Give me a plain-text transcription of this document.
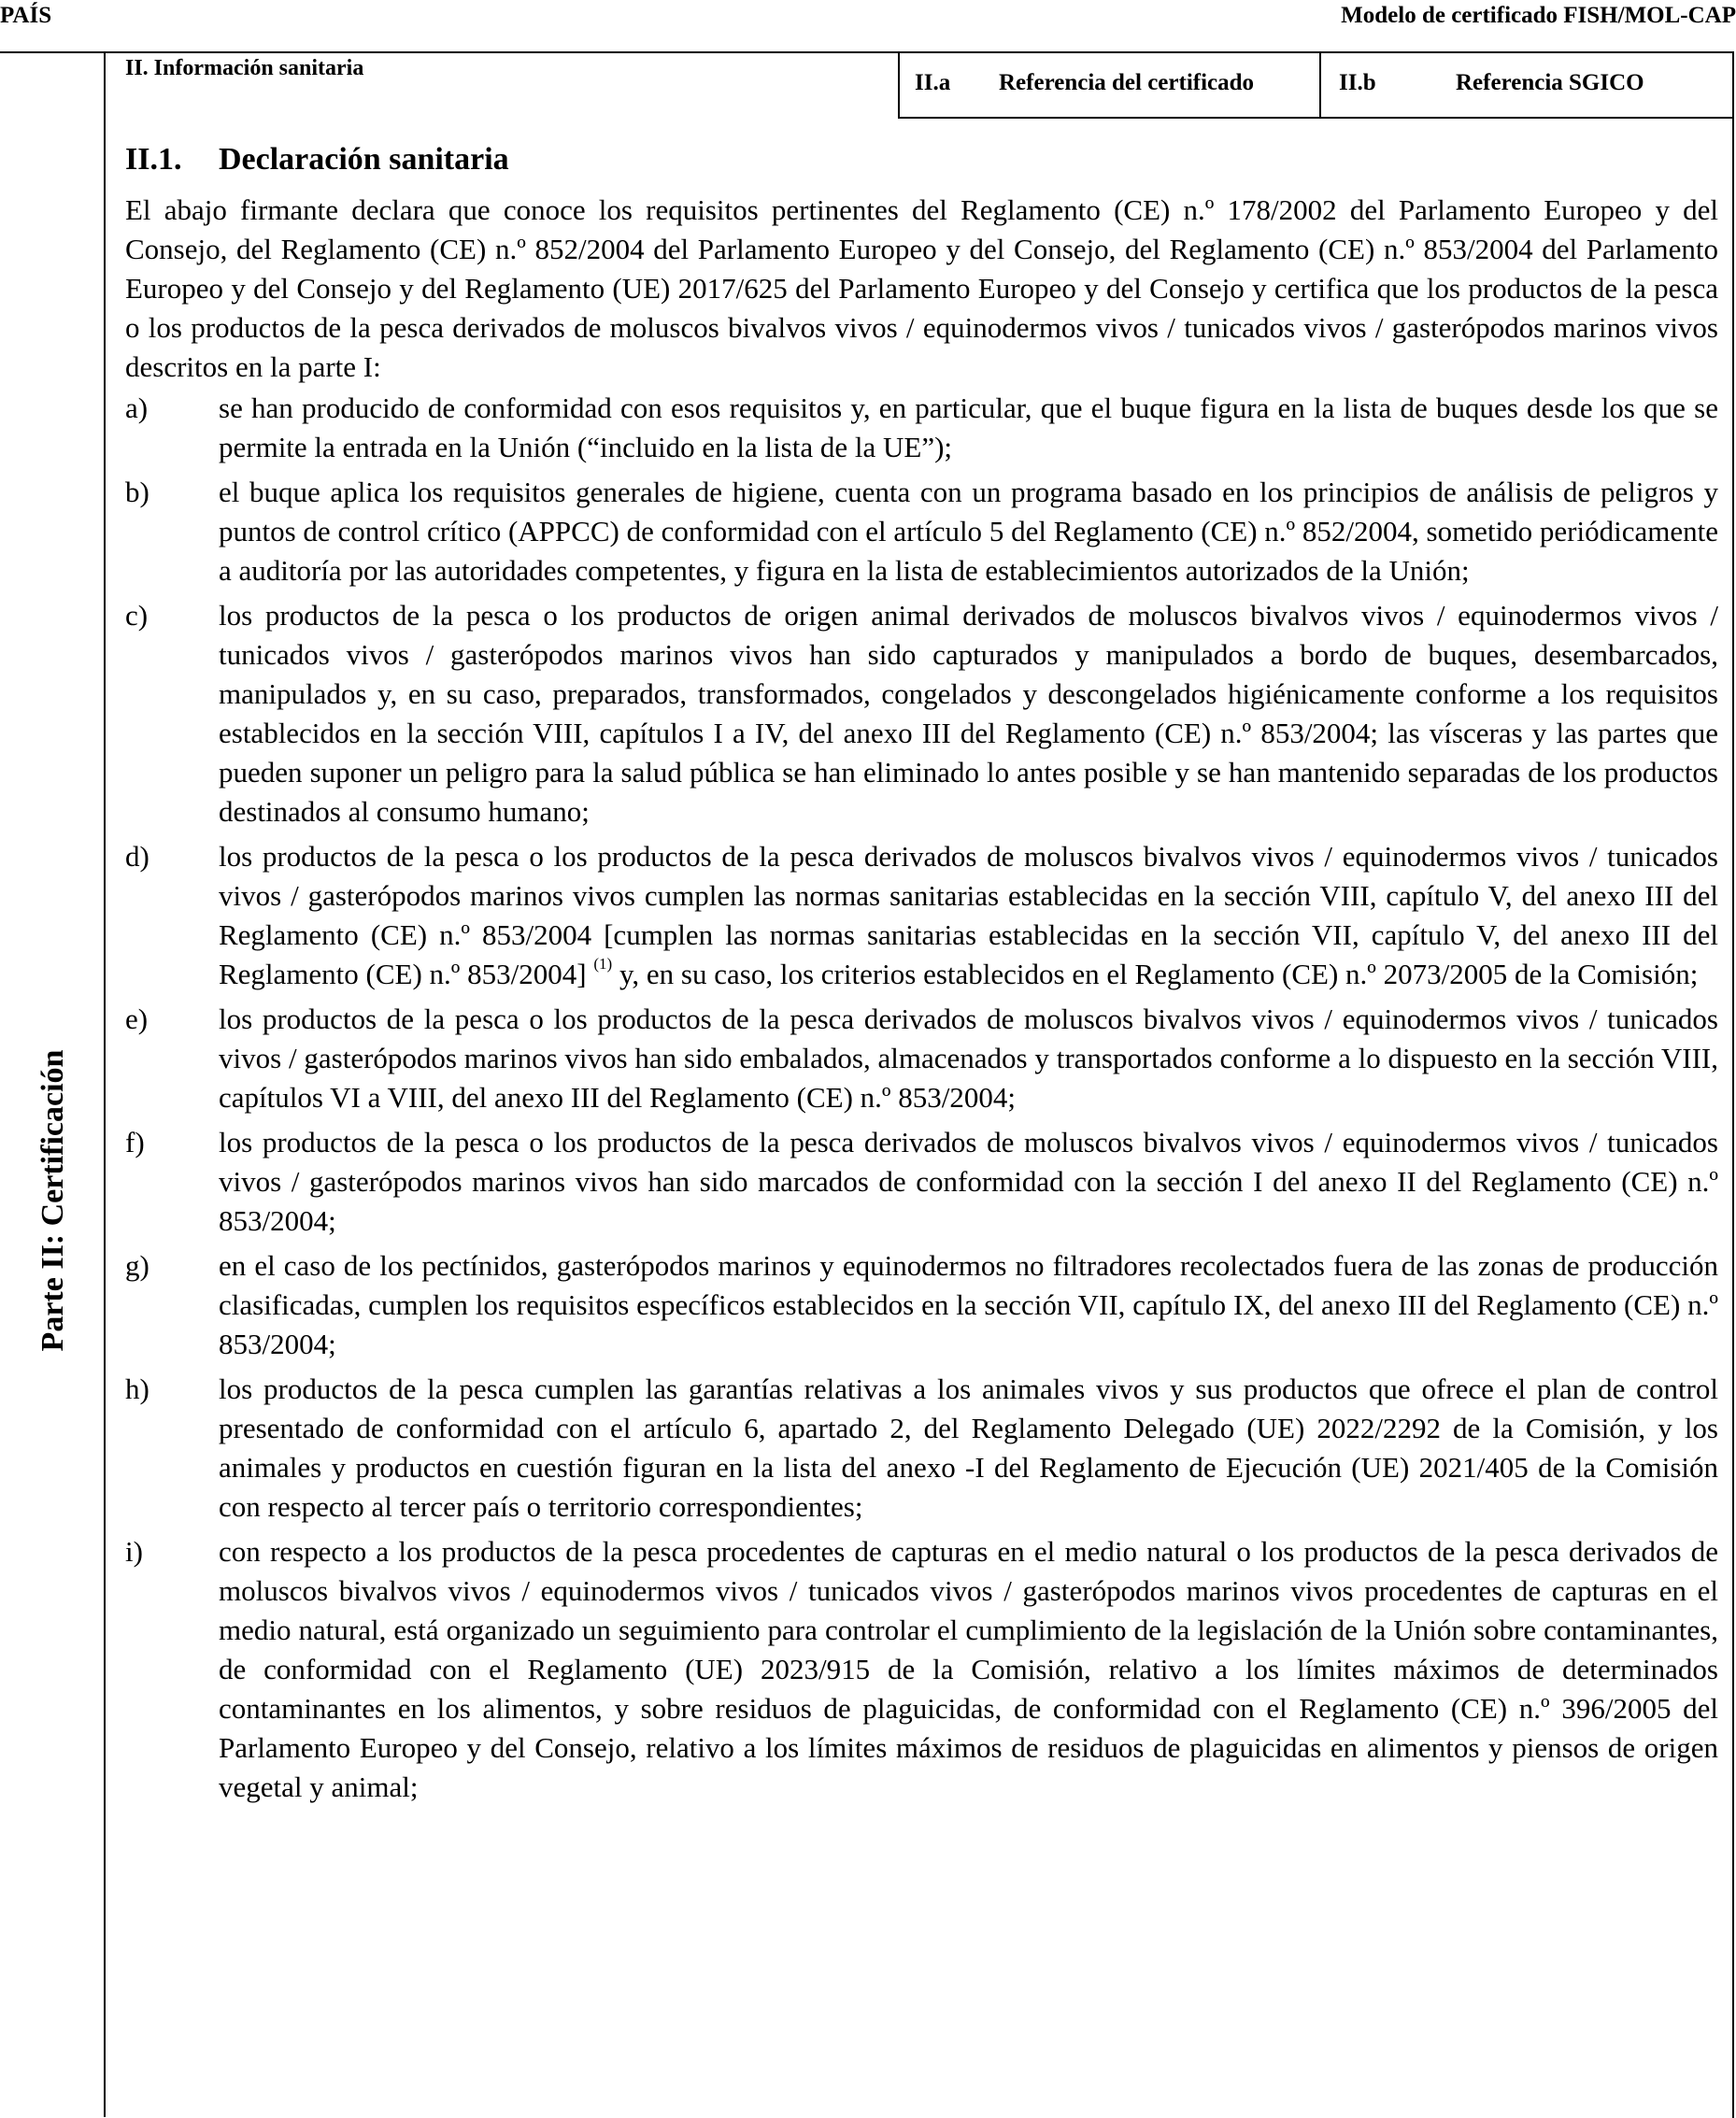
PAÍS	Modelo de certificado FISH/MOL-CAP
Parte II: Certificación
II. Información sanitaria
II.a Referencia del certificado	II.b	Referencia SGICO
II.1. Declaración sanitaria

El abajo firmante declara que conoce los requisitos pertinentes del Reglamento (CE) n.º 178/2002 del Parlamento Europeo y del Consejo, del Reglamento (CE) n.º 852/2004 del Parlamento Europeo y del Consejo, del Reglamento (CE) n.º 853/2004 del Parlamento Europeo y del Consejo y del Reglamento (UE) 2017/625 del Parlamento Europeo y del Consejo y certifica que los productos de la pesca o los productos de la pesca derivados de moluscos bivalvos vivos / equinodermos vivos / tunicados vivos / gasterópodos marinos vivos descritos en la parte I:

a) se han producido de conformidad con esos requisitos y, en particular, que el buque figura en la lista de buques desde los que se permite la entrada en la Unión (“incluido en la lista de la UE”);
b) el buque aplica los requisitos generales de higiene, cuenta con un programa basado en los principios de análisis de peligros y puntos de control crítico (APPCC) de conformidad con el artículo 5 del Reglamento (CE) n.º 852/2004, sometido periódicamente a auditoría por las autoridades competentes, y figura en la lista de establecimientos autorizados de la Unión;
c) los productos de la pesca o los productos de origen animal derivados de moluscos bivalvos vivos / equinodermos vivos / tunicados vivos / gasterópodos marinos vivos han sido capturados y manipulados a bordo de buques, desembarcados, manipulados y, en su caso, preparados, transformados, congelados y descongelados higiénicamente conforme a los requisitos establecidos en la sección VIII, capítulos I a IV, del anexo III del Reglamento (CE) n.º 853/2004; las vísceras y las partes que pueden suponer un peligro para la salud pública se han eliminado lo antes posible y se han mantenido separadas de los productos destinados al consumo humano;
d) los productos de la pesca o los productos de la pesca derivados de moluscos bivalvos vivos / equinodermos vivos / tunicados vivos / gasterópodos marinos vivos cumplen las normas sanitarias establecidas en la sección VIII, capítulo V, del anexo III del Reglamento (CE) n.º 853/2004 [cumplen las normas sanitarias establecidas en la sección VII, capítulo V, del anexo III del Reglamento (CE) n.º 853/2004] $^{(1)}$ y, en su caso, los criterios establecidos en el Reglamento (CE) n.º 2073/2005 de la Comisión;
e) los productos de la pesca o los productos de la pesca derivados de moluscos bivalvos vivos / equinodermos vivos / tunicados vivos / gasterópodos marinos vivos han sido embalados, almacenados y transportados conforme a lo dispuesto en la sección VIII, capítulos VI a VIII, del anexo III del Reglamento (CE) n.º 853/2004;
f)	los productos de la pesca o los productos de la pesca derivados de moluscos bivalvos vivos / equinodermos vivos / tunicados vivos / gasterópodos marinos vivos han sido marcados de conformidad con la sección I del anexo II del Reglamento (CE) n.º 853/2004;
g) en el caso de los pectínidos, gasterópodos marinos y equinodermos no filtradores recolectados fuera de las zonas de producción clasificadas, cumplen los requisitos específicos establecidos en la sección VII, capítulo IX, del anexo III del Reglamento (CE) n.º 853/2004;
h) los productos de la pesca cumplen las garantías relativas a los animales vivos y sus productos que ofrece el plan de control presentado de conformidad con el artículo 6, apartado 2, del Reglamento Delegado (UE) 2022/2292 de la Comisión, y los animales y productos en cuestión figuran en la lista del anexo -I del Reglamento de Ejecución (UE) 2021/405 de la Comisión con respecto al tercer país o territorio correspondientes;
i)	con respecto a los productos de la pesca procedentes de capturas en el medio natural o los productos de la pesca derivados de moluscos bivalvos vivos / equinodermos vivos / tunicados vivos / gasterópodos marinos vivos procedentes de capturas en el medio natural, está organizado un seguimiento para controlar el cumplimiento de la legislación de la Unión sobre contaminantes, de conformidad con el Reglamento (UE) 2023/915 de la Comisión, relativo a los límites máximos de determinados contaminantes en los alimentos, y sobre residuos de plaguicidas, de conformidad con el Reglamento (CE) n.º 396/2005 del Parlamento Europeo y del Consejo, relativo a los límites máximos de residuos de plaguicidas en alimentos y piensos de origen vegetal y animal;
